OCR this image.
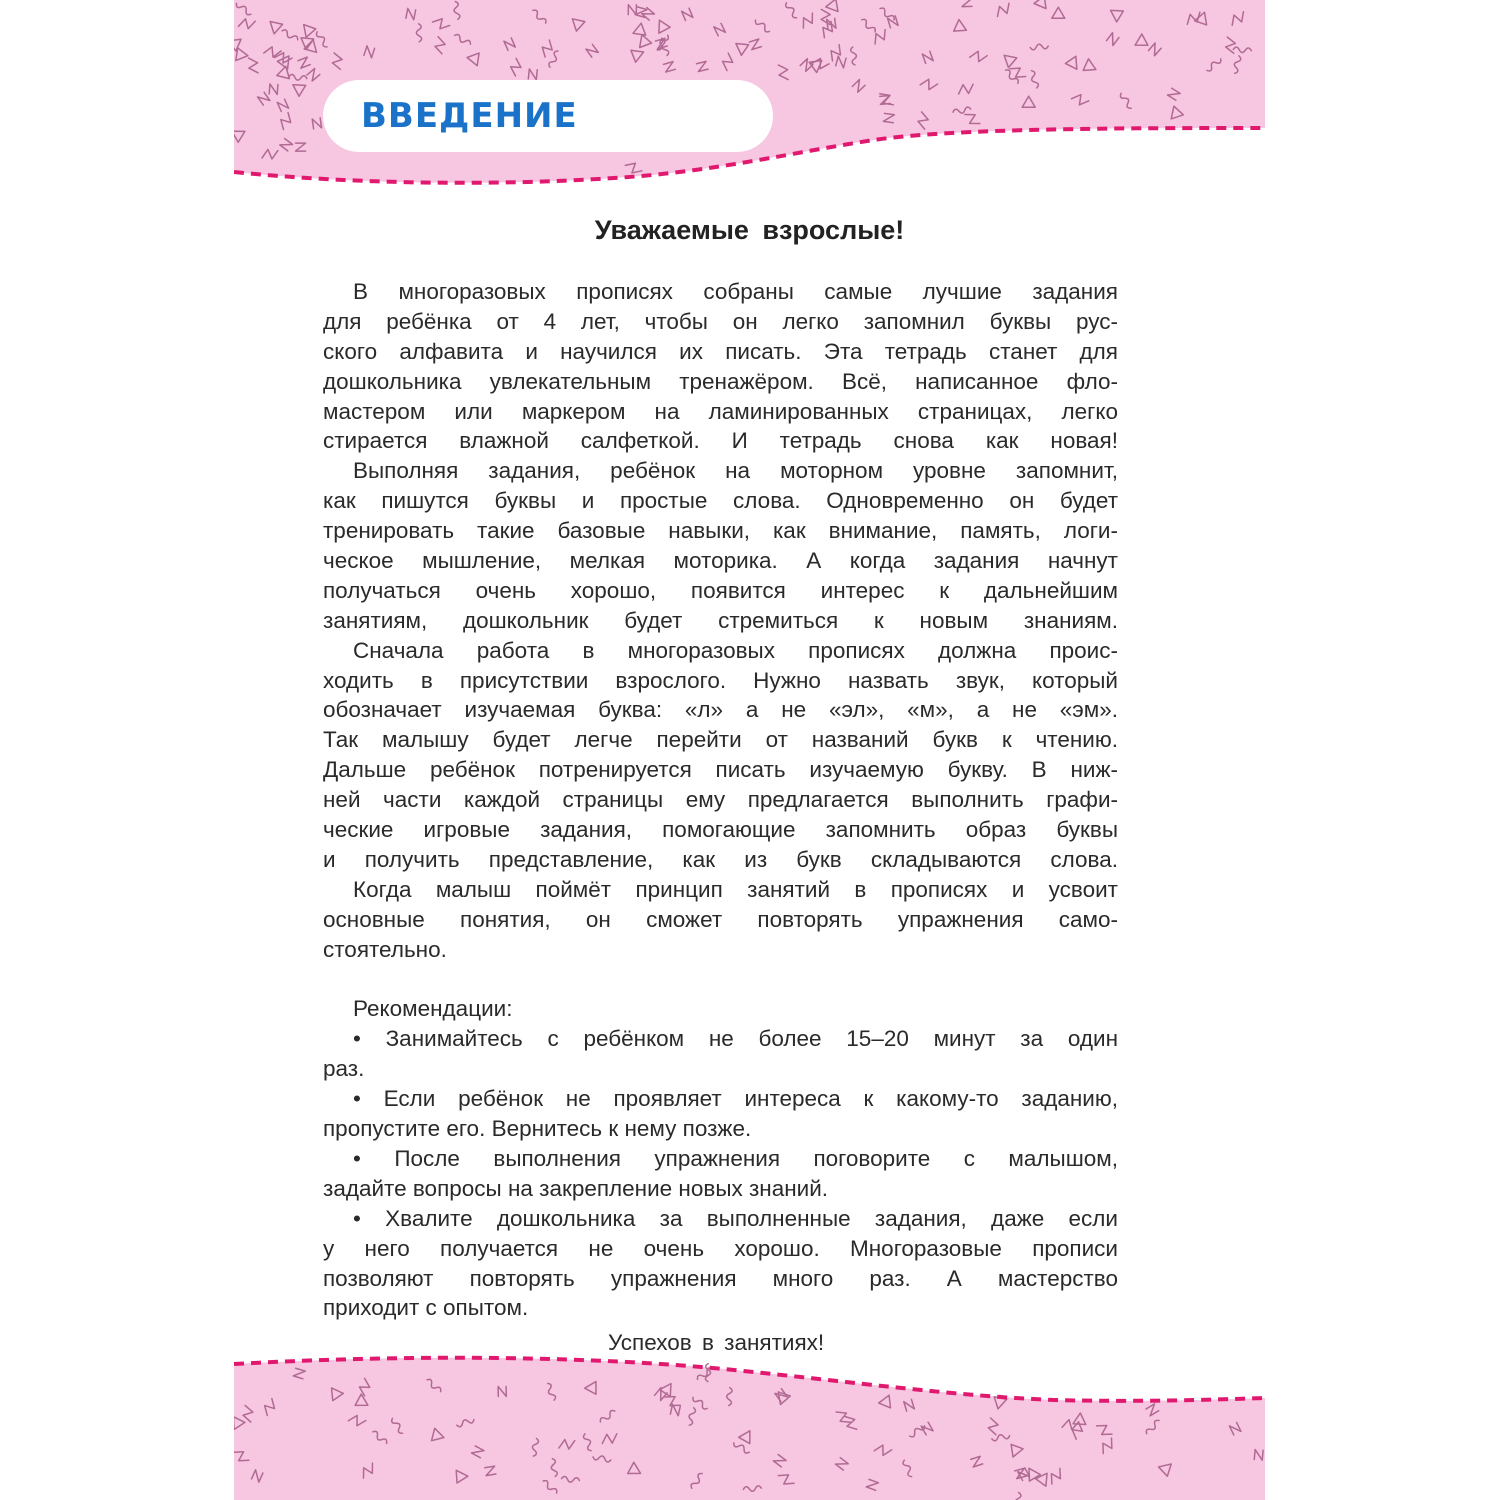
ВВЕДЕНИЕ
Уважаемые взрослые!
В многоразовых прописях собраны самые лучшие задания
для ребёнка от 4 лет, чтобы он легко запомнил буквы рус-
ского алфавита и научился их писать. Эта тетрадь станет для
дошкольника увлекательным тренажёром. Всё, написанное фло-
мастером или маркером на ламинированных страницах, легко
стирается влажной салфеткой. И тетрадь снова как новая!
Выполняя задания, ребёнок на моторном уровне запомнит,
как пишутся буквы и простые слова. Одновременно он будет
тренировать такие базовые навыки, как внимание, память, логи-
ческое мышление, мелкая моторика. А когда задания начнут
получаться очень хорошо, появится интерес к дальнейшим
занятиям, дошкольник будет стремиться к новым знаниям.
Сначала работа в многоразовых прописях должна проис-
ходить в присутствии взрослого. Нужно назвать звук, который
обозначает изучаемая буква: «л» а не «эл», «м», а не «эм».
Так малышу будет легче перейти от названий букв к чтению.
Дальше ребёнок потренируется писать изучаемую букву. В ниж-
ней части каждой страницы ему предлагается выполнить графи-
ческие игровые задания, помогающие запомнить образ буквы
и получить представление, как из букв складываются слова.
Когда малыш поймёт принцип занятий в прописях и усвоит
основные понятия, он сможет повторять упражнения само-
стоятельно.
Рекомендации:
• Занимайтесь с ребёнком не более 15–20 минут за один
раз.
• Если ребёнок не проявляет интереса к какому-то заданию,
пропустите его. Вернитесь к нему позже.
• После выполнения упражнения поговорите с малышом,
задайте вопросы на закрепление новых знаний.
• Хвалите дошкольника за выполненные задания, даже если
у него получается не очень хорошо. Многоразовые прописи
позволяют повторять упражнения много раз. А мастерство
приходит с опытом.
Успехов в занятиях!
